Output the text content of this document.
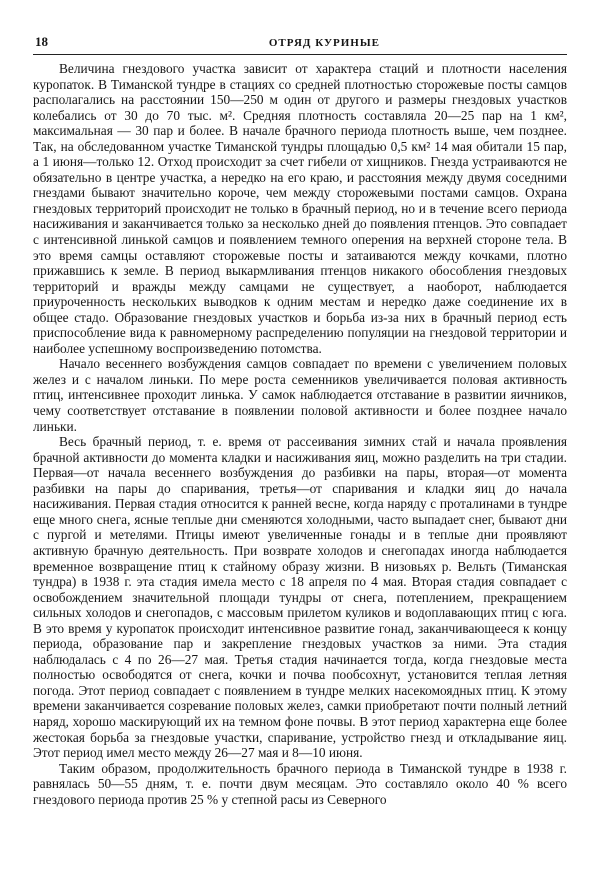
18	ОТРЯД КУРИНЫЕ

Величина гнездового участка зависит от характера стаций и плотности населения куропаток. В Тиманской тундре в стациях со средней плотностью сторожевые посты самцов располагались на расстоянии 150—250 м один от другого и размеры гнездовых участков колебались от 30 до 70 тыс. м². Средняя плотность составляла 20—25 пар на 1 км², максимальная — 30 пар и более. В начале брачного периода плотность выше, чем позднее. Так, на обследованном участке Тиманской тундры площадью 0,5 км² 14 мая обитали 15 пар, а 1 июня—только 12. Отход происходит за счет гибели от хищников. Гнезда устраиваются не обязательно в центре участка, а нередко на его краю, и расстояния между двумя соседними гнездами бывают значительно короче, чем между сторожевыми постами самцов. Охрана гнездовых территорий происходит не только в брачный период, но и в течение всего периода насиживания и заканчивается только за несколько дней до появления птенцов. Это совпадает с интенсивной линькой самцов и появлением темного оперения на верхней стороне тела. В это время самцы оставляют сторожевые посты и затаиваются между кочками, плотно прижавшись к земле. В период выкармливания птенцов никакого обособления гнездовых территорий и вражды между самцами не существует, а наоборот, наблюдается приуроченность нескольких выводков к одним местам и нередко даже соединение их в общее стадо. Образование гнездовых участков и борьба из-за них в брачный период есть приспособление вида к равномерному распределению популяции на гнездовой территории и наиболее успешному воспроизведению потомства.

Начало весеннего возбуждения самцов совпадает по времени с увеличением половых желез и с началом линьки. По мере роста семенников увеличивается половая активность птиц, интенсивнее проходит линька. У самок наблюдается отставание в развитии яичников, чему соответствует отставание в появлении половой активности и более позднее начало линьки.

Весь брачный период, т. е. время от рассеивания зимних стай и начала проявления брачной активности до момента кладки и насиживания яиц, можно разделить на три стадии. Первая—от начала весеннего возбуждения до разбивки на пары, вторая—от момента разбивки на пары до спаривания, третья—от спаривания и кладки яиц до начала насиживания. Первая стадия относится к ранней весне, когда наряду с проталинами в тундре еще много снега, ясные теплые дни сменяются холодными, часто выпадает снег, бывают дни с пургой и метелями. Птицы имеют увеличенные гонады и в теплые дни проявляют активную брачную деятельность. При возврате холодов и снегопадах иногда наблюдается временное возвращение птиц к стайному образу жизни. В низовьях р. Вельть (Тиманская тундра) в 1938 г. эта стадия имела место с 18 апреля по 4 мая. Вторая стадия совпадает с освобождением значительной площади тундры от снега, потеплением, прекращением сильных холодов и снегопадов, с массовым прилетом куликов и водоплавающих птиц с юга. В это время у куропаток происходит интенсивное развитие гонад, заканчивающееся к концу периода, образование пар и закрепление гнездовых участков за ними. Эта стадия наблюдалась с 4 по 26—27 мая. Третья стадия начинается тогда, когда гнездовые места полностью освободятся от снега, кочки и почва пообсохнут, установится теплая летняя погода. Этот период совпадает с появлением в тундре мелких насекомоядных птиц. К этому времени заканчивается созревание половых желез, самки приобретают почти полный летний наряд, хорошо маскирующий их на темном фоне почвы. В этот период характерна еще более жестокая борьба за гнездовые участки, спаривание, устройство гнезд и откладывание яиц. Этот период имел место между 26—27 мая и 8—10 июня.

Таким образом, продолжительность брачного периода в Тиманской тундре в 1938 г. равнялась 50—55 дням, т. е. почти двум месяцам. Это составляло около 40 % всего гнездового периода против 25 % у степной расы из Северного
